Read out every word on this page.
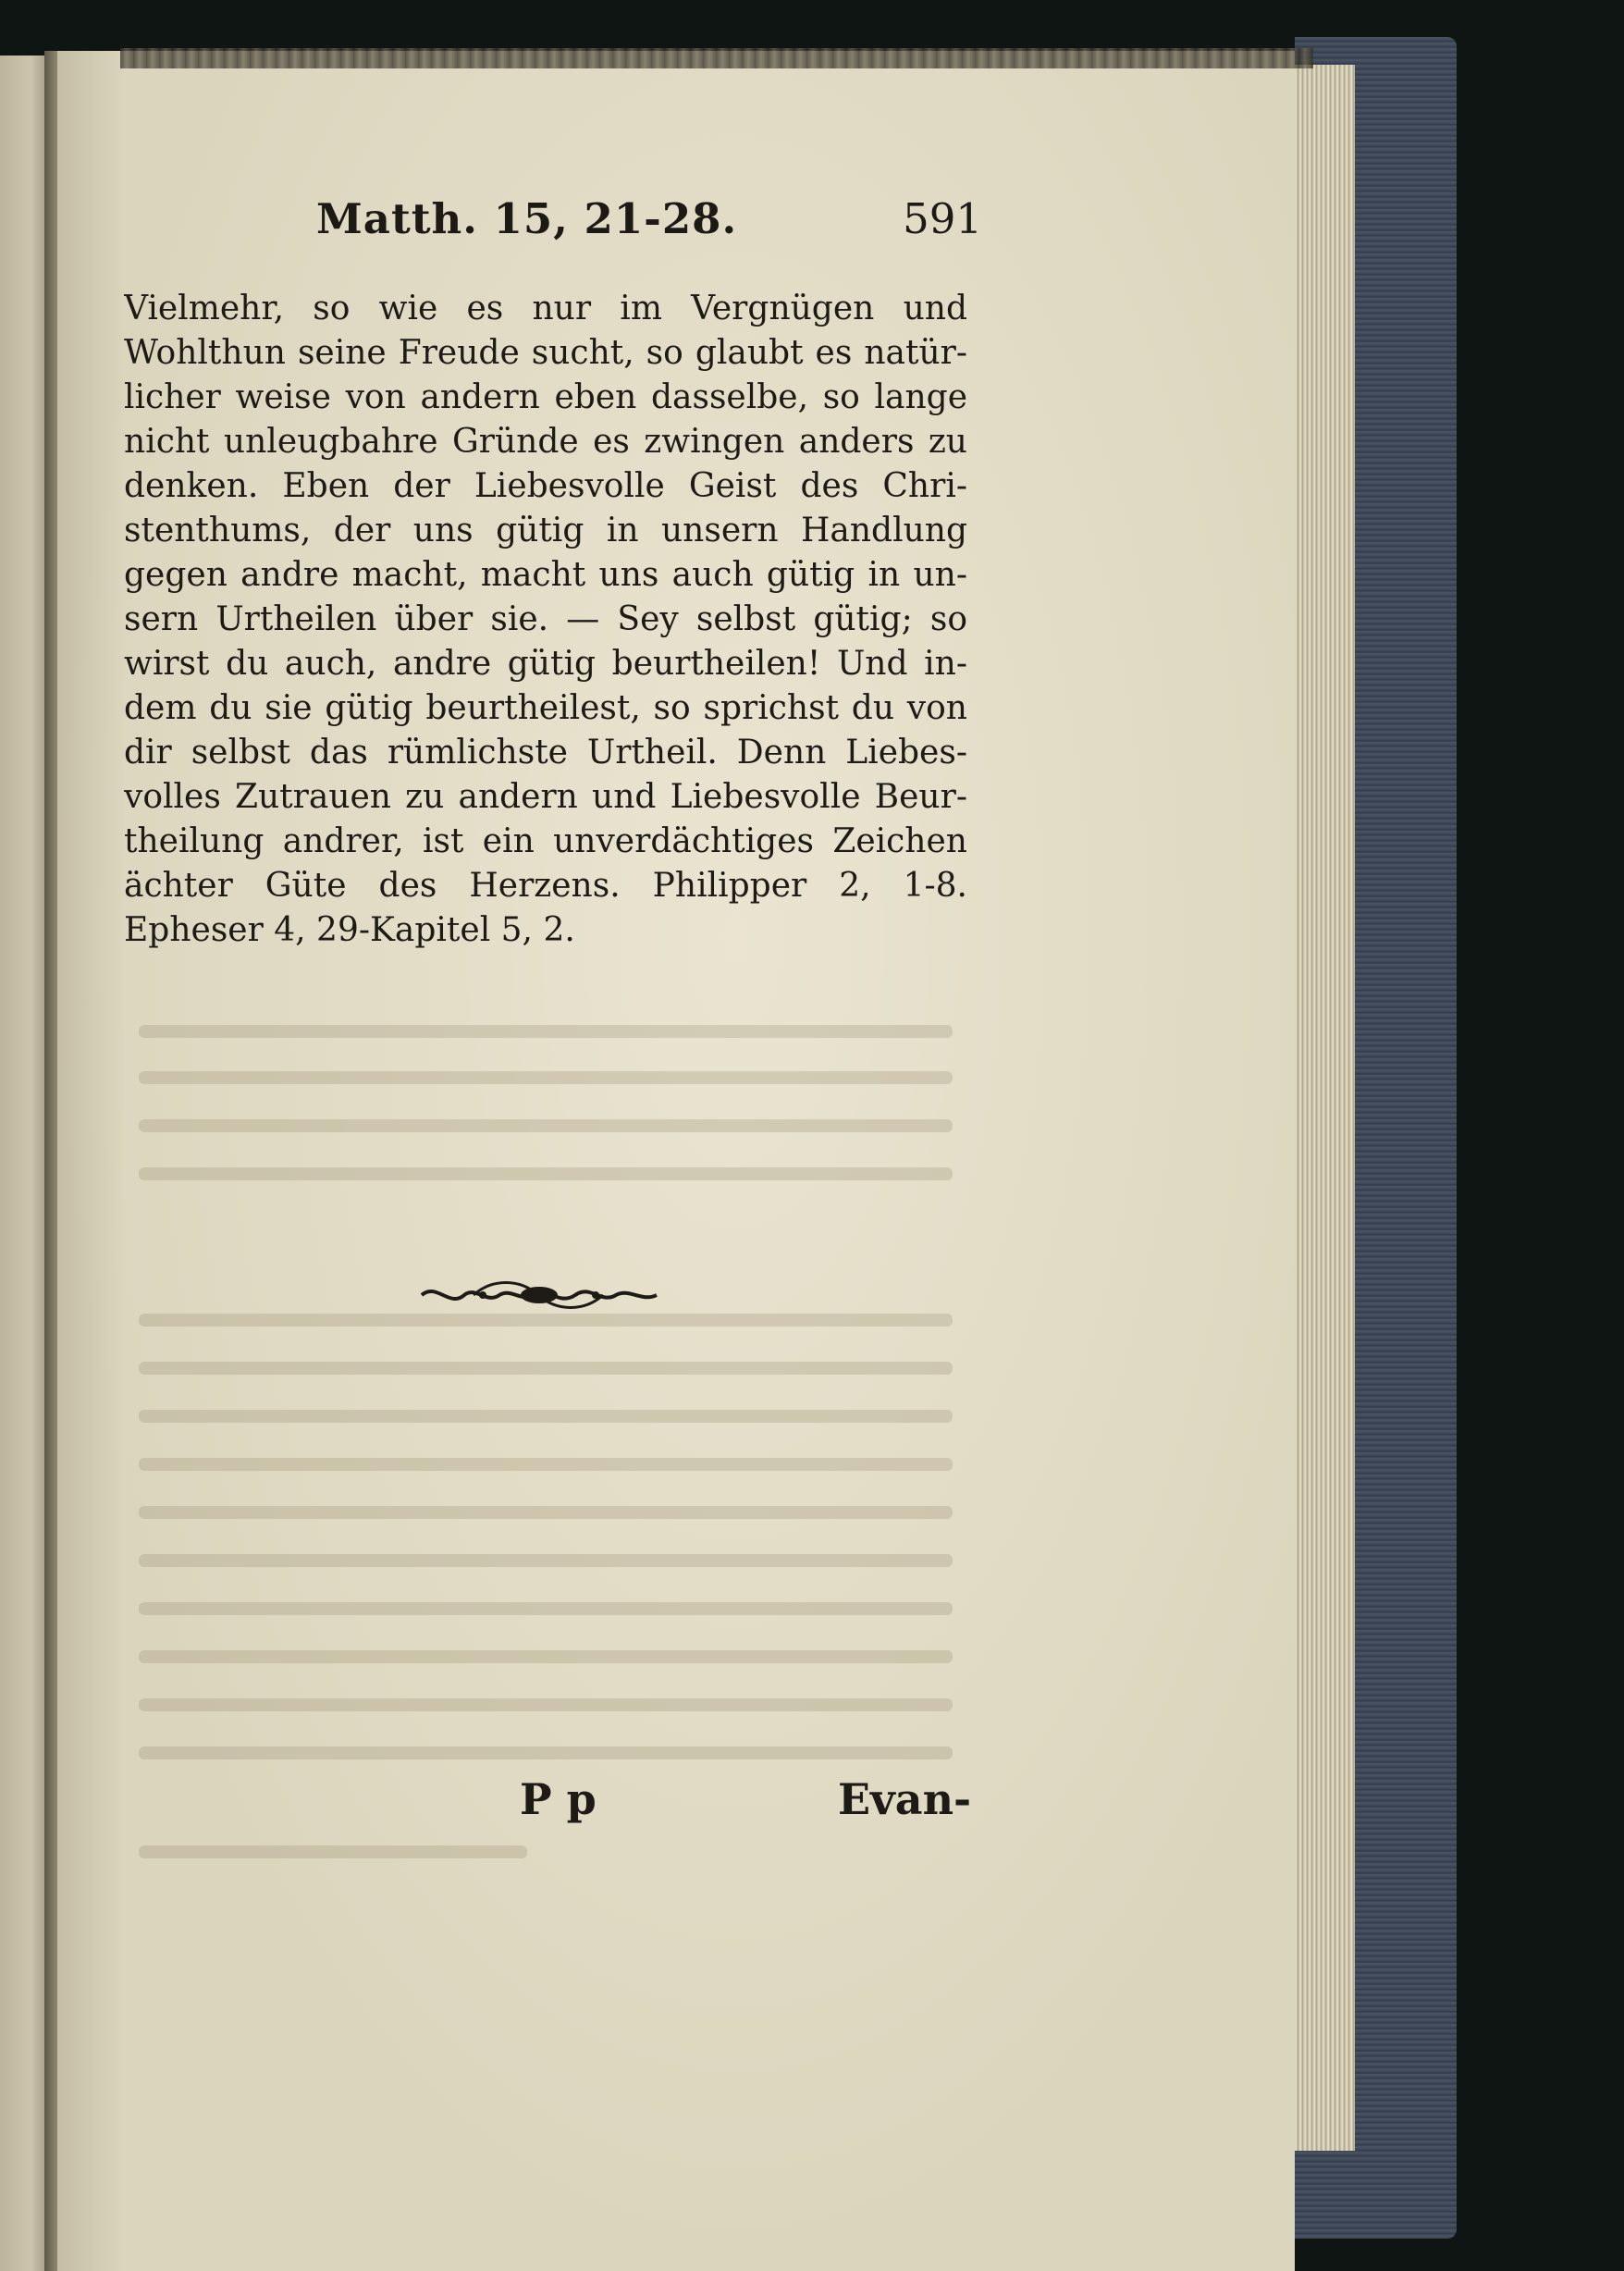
Matth. 15, 21-28.	591
Vielmehr, so wie es nur im Vergnügen und
Wohlthun seine Freude sucht, so glaubt es natür-
licher weise von andern eben dasselbe, so lange
nicht unleugbahre Gründe es zwingen anders zu
denken. Eben der Liebesvolle Geist des Chri-
stenthums, der uns gütig in unsern Handlung
gegen andre macht, macht uns auch gütig in un-
sern Urtheilen über sie. — Sey selbst gütig; so
wirst du auch, andre gütig beurtheilen! Und in-
dem du sie gütig beurtheilest, so sprichst du von
dir selbst das rümlichste Urtheil. Denn Liebes-
volles Zutrauen zu andern und Liebesvolle Beur-
theilung andrer, ist ein unverdächtiges Zeichen
ächter Güte des Herzens. Philipper 2, 1-8.
Epheser 4, 29-Kapitel 5, 2.
P p	Evan-
